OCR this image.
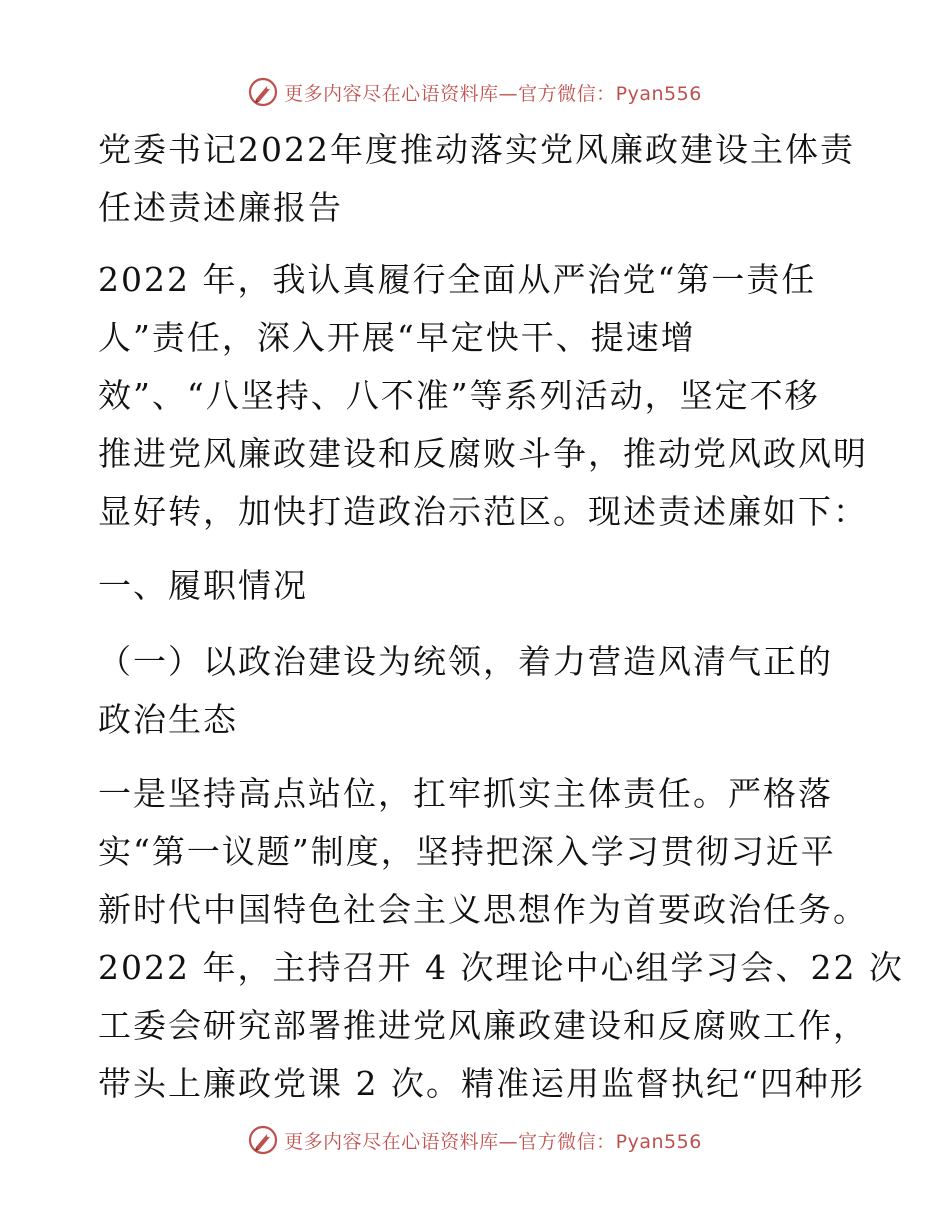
更多内容尽在心语资料库—官方微信：Pyan556
党委书记2022年度推动落实党风廉政建设主体责
任述责述廉报告
2022 年，我认真履行全面从严治党“第一责任
人”责任，深入开展“早定快干、提速增
效”、“八坚持、八不准”等系列活动，坚定不移
推进党风廉政建设和反腐败斗争，推动党风政风明
显好转，加快打造政治示范区。现述责述廉如下：
一、履职情况
（一）以政治建设为统领，着力营造风清气正的
政治生态
一是坚持高点站位，扛牢抓实主体责任。严格落
实“第一议题”制度，坚持把深入学习贯彻习近平
新时代中国特色社会主义思想作为首要政治任务。
2022 年，主持召开 4 次理论中心组学习会、22 次
工委会研究部署推进党风廉政建设和反腐败工作，
带头上廉政党课 2 次。精准运用监督执纪“四种形
更多内容尽在心语资料库—官方微信：Pyan556
